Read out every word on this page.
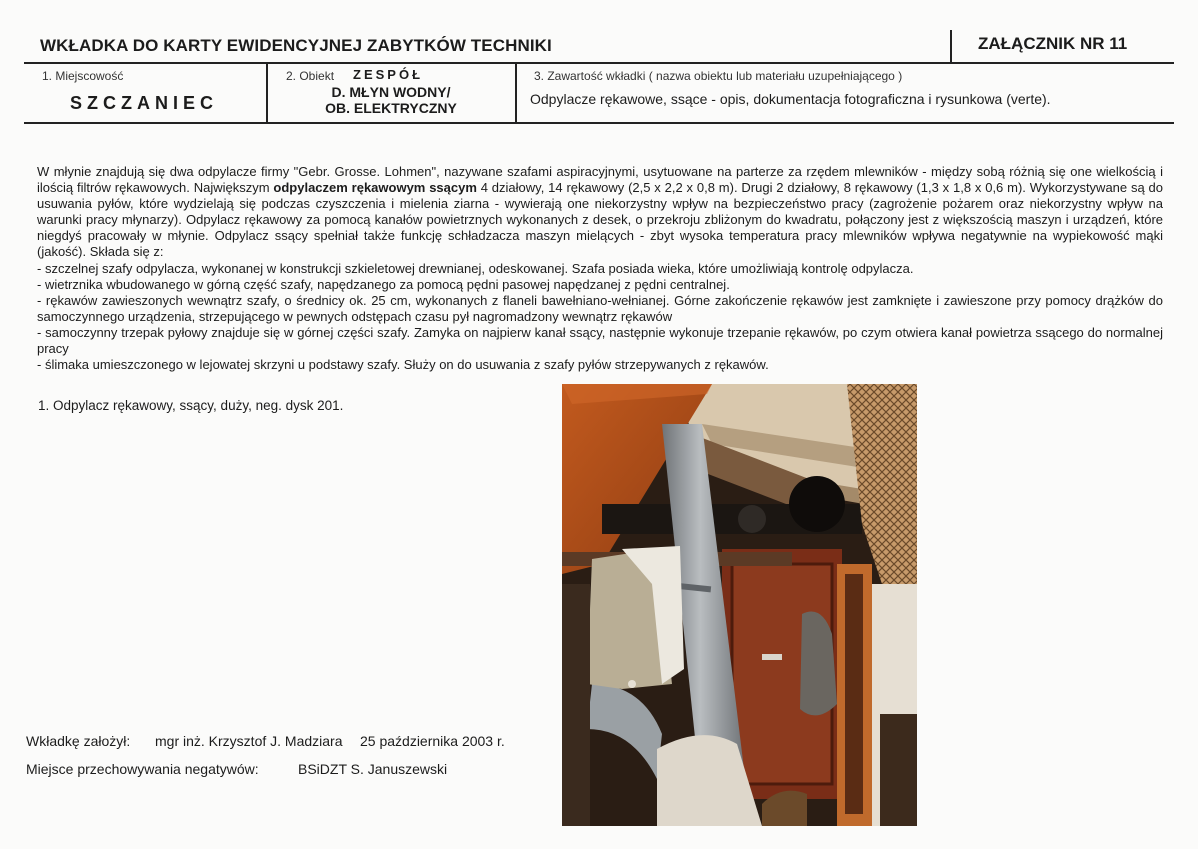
WKŁADKA DO KARTY EWIDENCYJNEJ ZABYTKÓW TECHNIKI	ZAŁĄCZNIK NR 11
1. Miejscowość
SZCZANIEC
2. Obiekt ZESPÓŁ
D. MŁYN WODNY/
OB. ELEKTRYCZNY
3. Zawartość wkładki ( nazwa obiektu lub materiału uzupełniającego )
Odpylacze rękawowe, ssące - opis, dokumentacja fotograficzna i rysunkowa (verte).
W młynie znajdują się dwa odpylacze firmy "Gebr. Grosse. Lohmen", nazywane szafami aspiracyjnymi, usytuowane na parterze za rzędem mlewników - między sobą różnią się one wielkością i ilością filtrów rękawowych. Największym odpylaczem rękawowym ssącym 4 działowy, 14 rękawowy (2,5 x 2,2 x 0,8 m). Drugi 2 działowy, 8 rękawowy (1,3 x 1,8 x 0,6 m). Wykorzystywane są do usuwania pyłów, które wydzielają się podczas czyszczenia i mielenia ziarna - wywierają one niekorzystny wpływ na bezpieczeństwo pracy (zagrożenie pożarem oraz niekorzystny wpływ na warunki pracy młynarzy). Odpylacz rękawowy za pomocą kanałów powietrznych wykonanych z desek, o przekroju zbliżonym do kwadratu, połączony jest z większością maszyn i urządzeń, które niegdyś pracowały w młynie. Odpylacz ssący spełniał także funkcję schładzacza maszyn mielących - zbyt wysoka temperatura pracy mlewników wpływa negatywnie na wypiekowość mąki (jakość). Składa się z:
- szczelnej szafy odpylacza, wykonanej w konstrukcji szkieletowej drewnianej, odeskowanej. Szafa posiada wieka, które umożliwiają kontrolę odpylacza.
- wietrznika wbudowanego w górną część szafy, napędzanego za pomocą pędni pasowej napędzanej z pędni centralnej.
- rękawów zawieszonych wewnątrz szafy, o średnicy ok. 25 cm, wykonanych z flaneli bawełniano-wełnianej. Górne zakończenie rękawów jest zamknięte i zawieszone przy pomocy drążków do samoczynnego urządzenia, strzepującego w pewnych odstępach czasu pył nagromadzony wewnątrz rękawów
- samoczynny trzepak pyłowy znajduje się w górnej części szafy. Zamyka on najpierw kanał ssący, następnie wykonuje trzepanie rękawów, po czym otwiera kanał powietrza ssącego do normalnej pracy
- ślimaka umieszczonego w lejowatej skrzyni u podstawy szafy. Służy on do usuwania z szafy pyłów strzepywanych z rękawów.
1. Odpylacz rękawowy, ssący, duży, neg. dysk 201.
Wkładkę założył: mgr inż. Krzysztof J. Madziara 25 października 2003 r.
Miejsce przechowywania negatywów:	BSiDZT S. Januszewski
